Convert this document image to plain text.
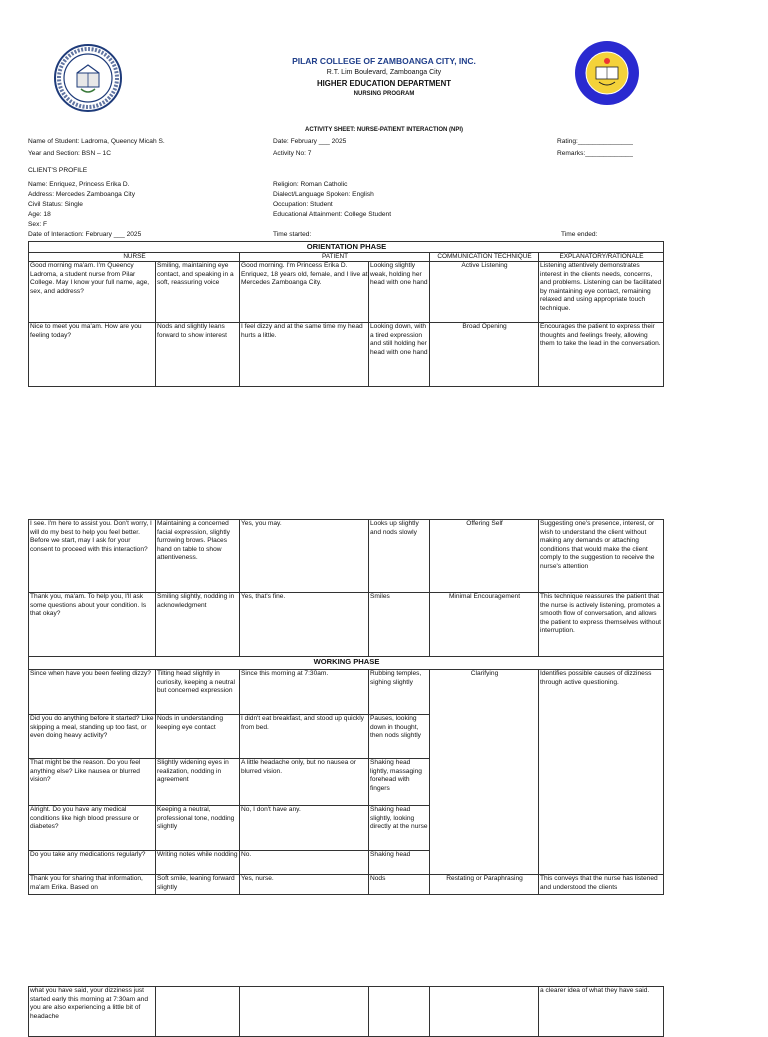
PILAR COLLEGE OF ZAMBOANGA CITY, INC.
R.T. Lim Boulevard, Zamboanga City
HIGHER EDUCATION DEPARTMENT
NURSING PROGRAM
ACTIVITY SHEET: NURSE-PATIENT INTERACTION (NPI)
Name of Student: Ladroma, Queency Micah S.
Year and Section: BSN – 1C
Date: February ___ 2025
Activity No: 7
Rating:_______________
Remarks:_____________
CLIENT'S PROFILE
Name: Enriquez, Princess Erika D.
Address: Mercedes Zamboanga City
Civil Status: Single
Age: 18
Sex: F
Date of Interaction: February ___ 2025
Religion: Roman Catholic
Dialect/Language Spoken: English
Occupation: Student
Educational Attainment: College Student
Time started:	Time ended:
ORIENTATION PHASE					
NURSE		PATIENT		COMMUNICATION TECHNIQUE	EXPLANATORY/RATIONALE
Good morning ma'am. I'm Queency Ladroma, a student nurse from Pilar College. May I know your full name, age, sex, and address?	Smiling, maintaining eye contact, and speaking in a soft, reassuring voice	Good morning. I'm Princess Erika D. Enriquez, 18 years old, female, and I live at Mercedes Zamboanga City.	Looking slightly weak, holding her head with one hand	Active Listening	Listening attentively demonstrates interest in the clients needs, concerns, and problems. Listening can be facilitated by maintaining eye contact, remaining relaxed and using appropriate touch technique.
Nice to meet you ma'am. How are you feeling today?	Nods and slightly leans forward to show interest	I feel dizzy and at the same time my head hurts a little.	Looking down, with a tired expression and still holding her head with one hand	Broad Opening	Encourages the patient to express their thoughts and feelings freely, allowing them to take the lead in the conversation.
I see. I'm here to assist you. Don't worry, I will do my best to help you feel better. Before we start, may I ask for your consent to proceed with this interaction?	Maintaining a concerned facial expression, slightly furrowing brows. Places hand on table to show attentiveness.	Yes, you may.	Looks up slightly and nods slowly	Offering Self	Suggesting one's presence, interest, or wish to understand the client without making any demands or attaching conditions that would make the client comply to the suggestion to receive the nurse's attention
Thank you, ma'am. To help you, I'll ask some questions about your condition. Is that okay?	Smiling slightly, nodding in acknowledgment	Yes, that's fine.	Smiles	Minimal Encouragement	This technique reassures the patient that the nurse is actively listening, promotes a smooth flow of conversation, and allows the patient to express themselves without interruption.
WORKING PHASE					
Since when have you been feeling dizzy?	Tilting head slightly in curiosity, keeping a neutral but concerned expression	Since this morning at 7:30am.	Rubbing temples, sighing slightly	Clarifying	Identifies possible causes of dizziness through active questioning.
Did you do anything before it started? Like skipping a meal, standing up too fast, or even doing heavy activity?	Nods in understanding keeping eye contact	I didn't eat breakfast, and stood up quickly from bed.	Pauses, looking down in thought, then nods slightly		
That might be the reason. Do you feel anything else? Like nausea or blurred vision?	Slightly widening eyes in realization, nodding in agreement	A little headache only, but no nausea or blurred vision.	Shaking head lightly, massaging forehead with fingers		
Alright. Do you have any medical conditions like high blood pressure or diabetes?	Keeping a neutral, professional tone, nodding slightly	No, I don't have any.	Shaking head slightly, looking directly at the nurse		
Do you take any medications regularly?	Writing notes while nodding	No.	Shaking head		
Thank you for sharing that information, ma'am Erika. Based on	Soft smile, leaning forward slightly	Yes, nurse.	Nods	Restating or Paraphrasing	This conveys that the nurse has listened and understood the clients
what you have said, your dizziness just started early this morning at 7:30am and you are also experiencing a little bit of headache					a clearer idea of what they have said.
